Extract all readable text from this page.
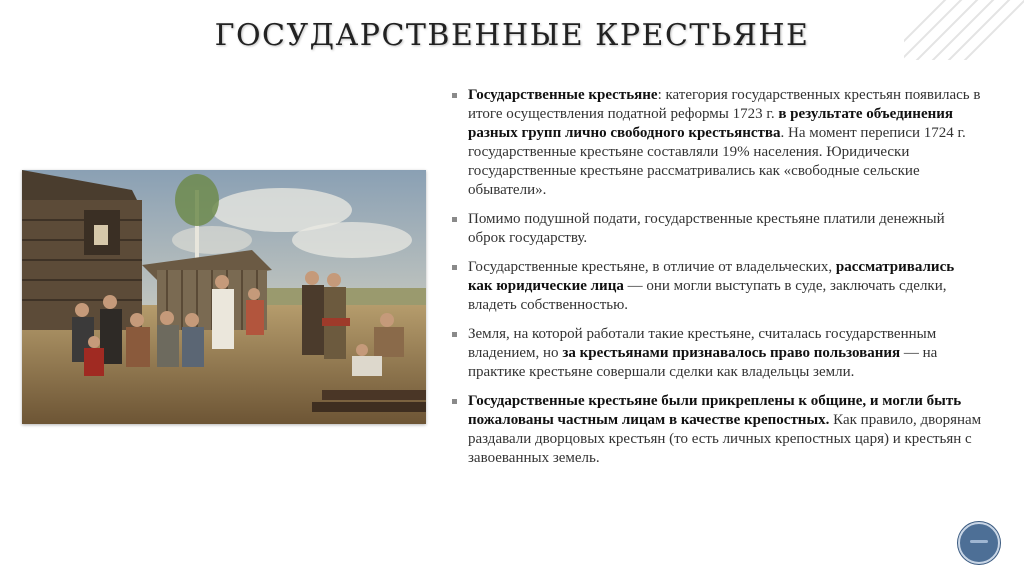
ГОСУДАРСТВЕННЫЕ КРЕСТЬЯНЕ

Государственные крестьяне: категория государственных крестьян появилась в итоге осуществления податной реформы 1723 г. в результате объединения разных групп лично свободного крестьянства. На момент переписи 1724 г. государственные крестьяне составляли 19% населения. Юридически государственные крестьяне рассматривались как «свободные сельские обыватели».

Помимо подушной подати, государственные крестьяне платили денежный оброк государству.

Государственные крестьяне, в отличие от владельческих, рассматривались как юридические лица — они могли выступать в суде, заключать сделки, владеть собственностью.

Земля, на которой работали такие крестьяне, считалась государственным владением, но за крестьянами признавалось право пользования — на практике крестьяне совершали сделки как владельцы земли.

Государственные крестьяне были прикреплены к общине, и могли быть пожалованы частным лицам в качестве крепостных. Как правило, дворянам раздавали дворцовых крестьян (то есть личных крепостных царя) и крестьян с завоеванных земель.
